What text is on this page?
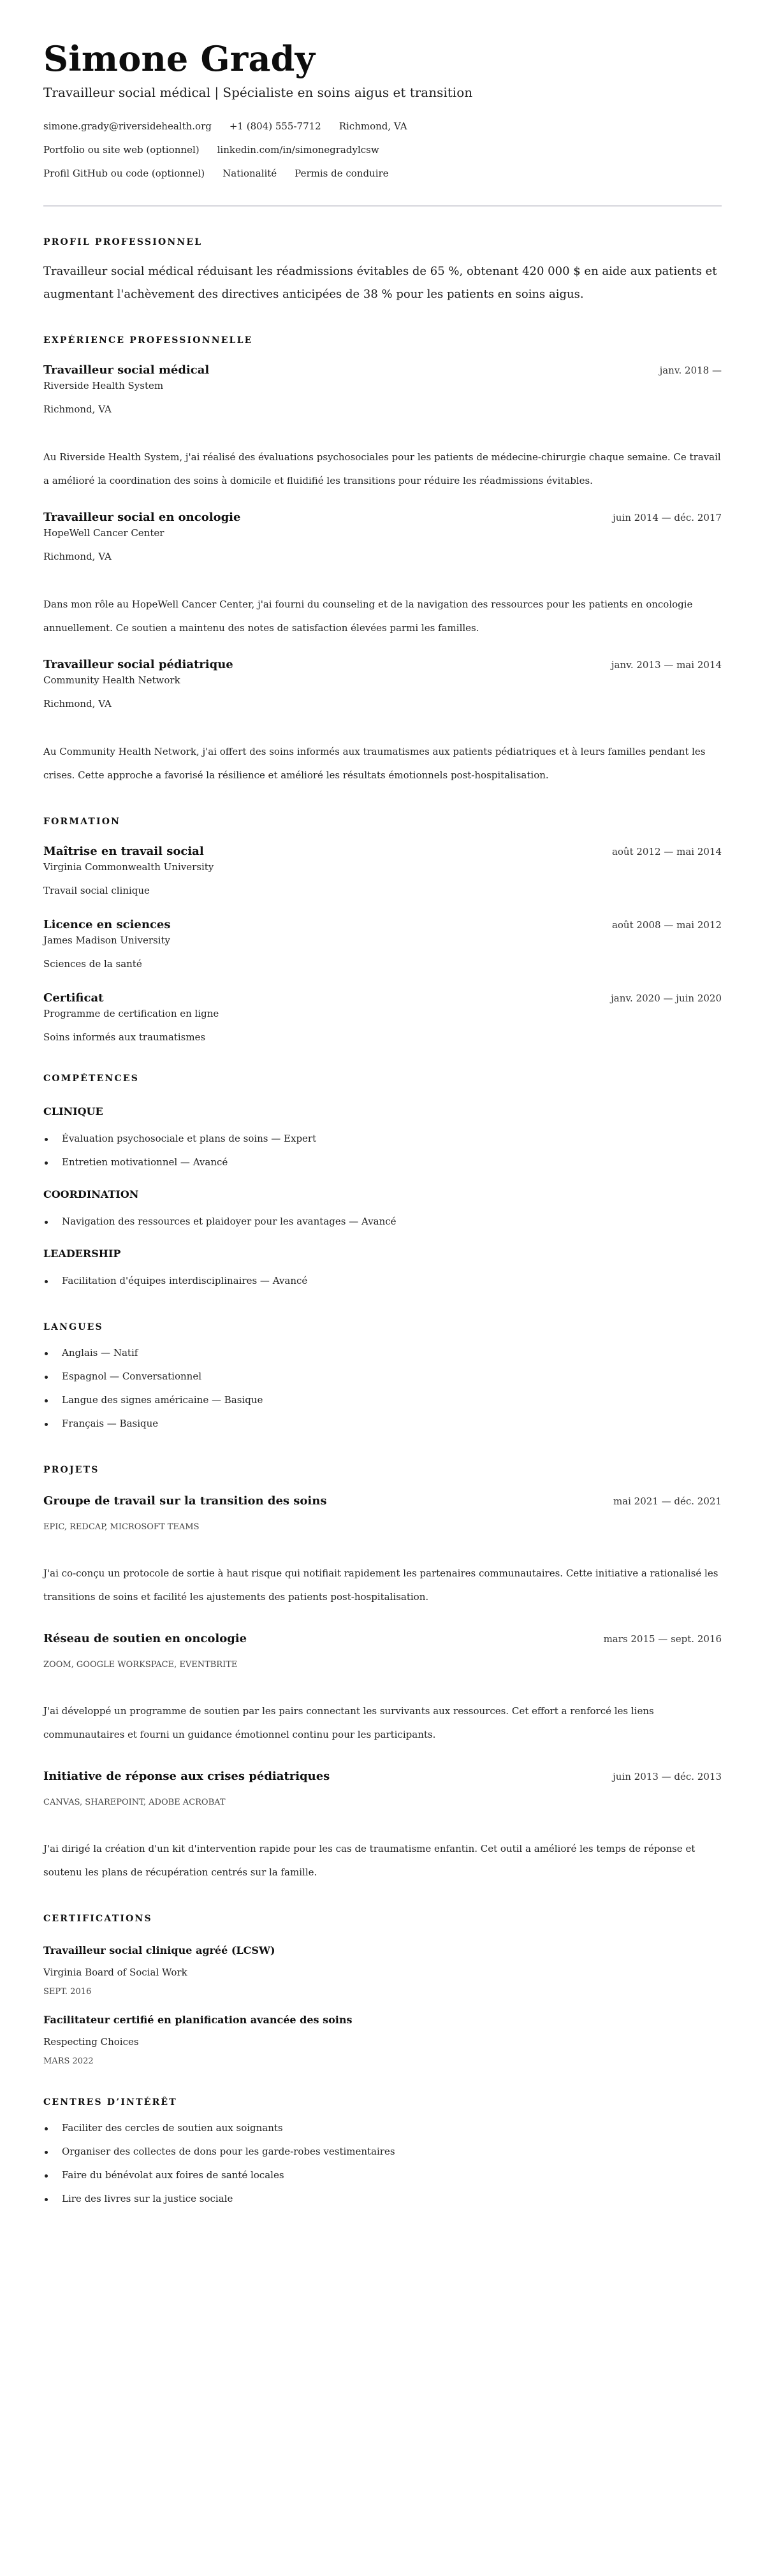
Simone Grady
Travailleur social médical | Spécialiste en soins aigus et transition
simone.grady@riversidehealth.org +1 (804) 555-7712 Richmond, VA
Portfolio ou site web (optionnel) linkedin.com/in/simonegradylcsw
Profil GitHub ou code (optionnel) Nationalité Permis de conduire
PROFIL PROFESSIONNEL

Travailleur social médical réduisant les réadmissions évitables de 65 %, obtenant 420 000 $ en aide aux patients et augmentant l'achèvement des directives anticipées de 38 % pour les patients en soins aigus.

EXPÉRIENCE PROFESSIONNELLE
Travailleur social médical	janv. 2018 —
Riverside Health System
Richmond, VA

Au Riverside Health System, j'ai réalisé des évaluations psychosociales pour les patients de médecine-chirurgie chaque semaine. Ce travail a amélioré la coordination des soins à domicile et fluidifié les transitions pour réduire les réadmissions évitables.

Travailleur social en oncologie	juin 2014 — déc. 2017
HopeWell Cancer Center
Richmond, VA

Dans mon rôle au HopeWell Cancer Center, j'ai fourni du counseling et de la navigation des ressources pour les patients en oncologie annuellement. Ce soutien a maintenu des notes de satisfaction élevées parmi les familles.

Travailleur social pédiatrique	janv. 2013 — mai 2014
Community Health Network
Richmond, VA

Au Community Health Network, j'ai offert des soins informés aux traumatismes aux patients pédiatriques et à leurs familles pendant les crises. Cette approche a favorisé la résilience et amélioré les résultats émotionnels post-hospitalisation.

FORMATION
Maîtrise en travail social	août 2012 — mai 2014
Virginia Commonwealth University
Travail social clinique
Licence en sciences	août 2008 — mai 2012
James Madison University
Sciences de la santé
Certificat	janv. 2020 — juin 2020
Programme de certification en ligne
Soins informés aux traumatismes
COMPÉTENCES
CLINIQUE
Évaluation psychosociale et plans de soins — Expert
Entretien motivationnel — Avancé
COORDINATION
Navigation des ressources et plaidoyer pour les avantages — Avancé
LEADERSHIP
Facilitation d'équipes interdisciplinaires — Avancé
LANGUES
Anglais — Natif
Espagnol — Conversationnel
Langue des signes américaine — Basique
Français — Basique
PROJETS
Groupe de travail sur la transition des soins	mai 2021 — déc. 2021
EPIC, REDCAP, MICROSOFT TEAMS

J'ai co-conçu un protocole de sortie à haut risque qui notifiait rapidement les partenaires communautaires. Cette initiative a rationalisé les transitions de soins et facilité les ajustements des patients post-hospitalisation.

Réseau de soutien en oncologie	mars 2015 — sept. 2016
ZOOM, GOOGLE WORKSPACE, EVENTBRITE

J'ai développé un programme de soutien par les pairs connectant les survivants aux ressources. Cet effort a renforcé les liens communautaires et fourni un guidance émotionnel continu pour les participants.

Initiative de réponse aux crises pédiatriques	juin 2013 — déc. 2013
CANVAS, SHAREPOINT, ADOBE ACROBAT

J'ai dirigé la création d'un kit d'intervention rapide pour les cas de traumatisme enfantin. Cet outil a amélioré les temps de réponse et soutenu les plans de récupération centrés sur la famille.

CERTIFICATIONS
Travailleur social clinique agréé (LCSW)
Virginia Board of Social Work
SEPT. 2016
Facilitateur certifié en planification avancée des soins
Respecting Choices
MARS 2022
CENTRES D’INTÉRÊT
Faciliter des cercles de soutien aux soignants
Organiser des collectes de dons pour les garde-robes vestimentaires
Faire du bénévolat aux foires de santé locales
Lire des livres sur la justice sociale
